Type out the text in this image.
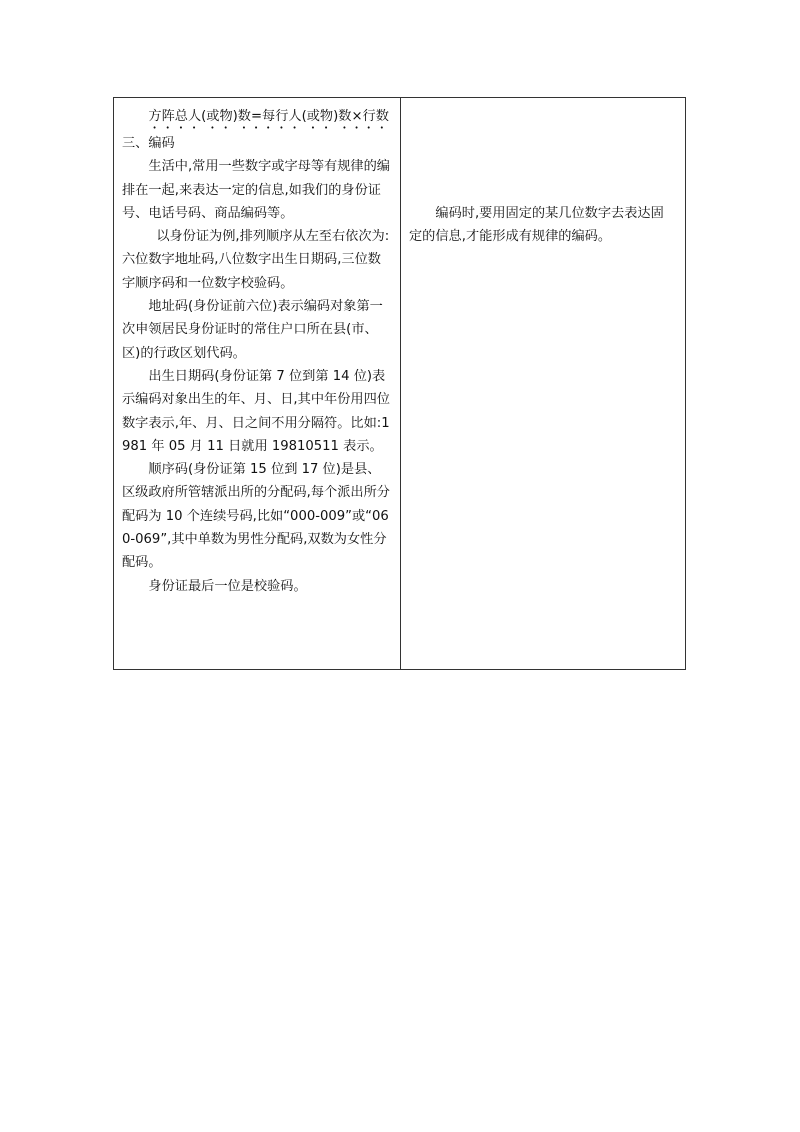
方阵总人(或物)数=每行人(或物)数×行数

三、编码

生活中,常用一些数字或字母等有规律的编排在一起,来表达一定的信息,如我们的身份证号、电话号码、商品编码等。

以身份证为例,排列顺序从左至右依次为:六位数字地址码,八位数字出生日期码,三位数字顺序码和一位数字校验码。

地址码(身份证前六位)表示编码对象第一次申领居民身份证时的常住户口所在县(市、区)的行政区划代码。

出生日期码(身份证第 7 位到第 14 位)表示编码对象出生的年、月、日,其中年份用四位数字表示,年、月、日之间不用分隔符。比如:1981 年 05 月 11 日就用 19810511 表示。

顺序码(身份证第 15 位到 17 位)是县、区级政府所管辖派出所的分配码,每个派出所分配码为 10 个连续号码,比如“000-009”或“060-069”,其中单数为男性分配码,双数为女性分配码。

身份证最后一位是校验码。

编码时,要用固定的某几位数字去表达固定的信息,才能形成有规律的编码。
